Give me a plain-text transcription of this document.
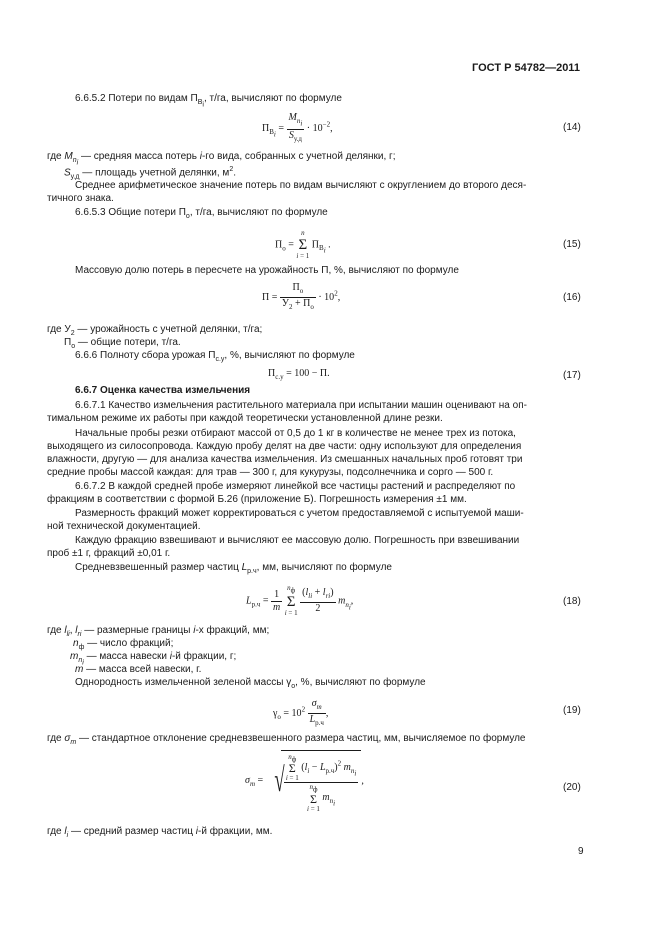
ГОСТ Р 54782—2011
6.6.5.2 Потери по видам $П_{В_i}$, т/га, вычисляют по формуле
$П_{В_i} = \frac{M_{n_i}}{S_{у.д}} \cdot 10^{-2}$,	(14)
где $M_{n_i}$ — средняя масса потерь i-го вида, собранных с учетной делянки, г;
$S_{у.д}$ — площадь учетной делянки, $м^2$.
Среднее арифметическое значение потерь по видам вычисляют с округлением до второго деся-
тичного знака.
6.6.5.3 Общие потери $П_о$, т/га, вычисляют по формуле
$П_о$ =
n
Σ
i = 1
$П_{В_i}$ .	(15)
Массовую долю потерь в пересчете на урожайность П, %, вычисляют по формуле
$П = \frac{П_о}{У_2 + П_о} \cdot 10^2$,	(16)
где $У_2$ — урожайность с учетной делянки, т/га;
$П_о$ — общие потери, т/га.
6.6.6 Полноту сбора урожая $П_{с.у}$, %, вычисляют по формуле
$П_{с.у} = 100 - П$.	(17)
6.6.7 Оценка качества измельчения
6.6.7.1 Качество измельчения растительного материала при испытании машин оценивают на оп-
тимальном режиме их работы при каждой теоретически установленной длине резки.
Начальные пробы резки отбирают массой от 0,5 до 1 кг в количестве не менее трех из потока,
выходящего из силосопровода. Каждую пробу делят на две части: одну используют для определения
влажности, другую — для анализа качества измельчения. Из смешанных начальных проб готовят три
средние пробы массой каждая: для трав — 300 г, для кукурузы, подсолнечника и сорго — 500 г.
6.6.7.2 В каждой средней пробе измеряют линейкой все частицы растений и распределяют по
фракциям в соответствии с формой Б.26 (приложение Б). Погрешность измерения ±1 мм.
Размерность фракций может корректироваться с учетом предоставляемой с испытуемой маши-
ной технической документацией.
Каждую фракцию взвешивают и вычисляют ее массовую долю. Погрешность при взвешивании
проб ±1 г, фракций ±0,01 г.
Средневзвешенный размер частиц $L_{р.ч}$, мм, вычисляют по формуле
$L_{р.ч} = \frac{1}{m}$

$n_ф$
Σ
i = 1
$\frac{(l_{li} + l_{ri})}{2} m_{n_i}$,	(18)
где $l_{li}$, $l_{ri}$ — размерные границы i-х фракций, мм;
$n_ф$ — число фракций;
$m_{n_i}$ — масса навески i-й фракции, г;
m — масса всей навески, г.
Однородность измельченной зеленой массы $\gamma_о$, %, вычисляют по формуле
$\gamma_о = 10^2 \frac{\sigma_m}{L_{р.ч}}$ ,	(19)
где $\sigma_m$ — стандартное отклонение средневзвешенного размера частиц, мм, вычисляемое по формуле
$\sigma_m$ = √ $n_ф$
Σ
i = 1
$(l_i - L_{р.ч})^2$ $m_{n_i}$
$n_ф$
Σ
i = 1
$m_{n_i}$ ,
(20)
где $l_i$ — средний размер частиц i-й фракции, мм.
9
